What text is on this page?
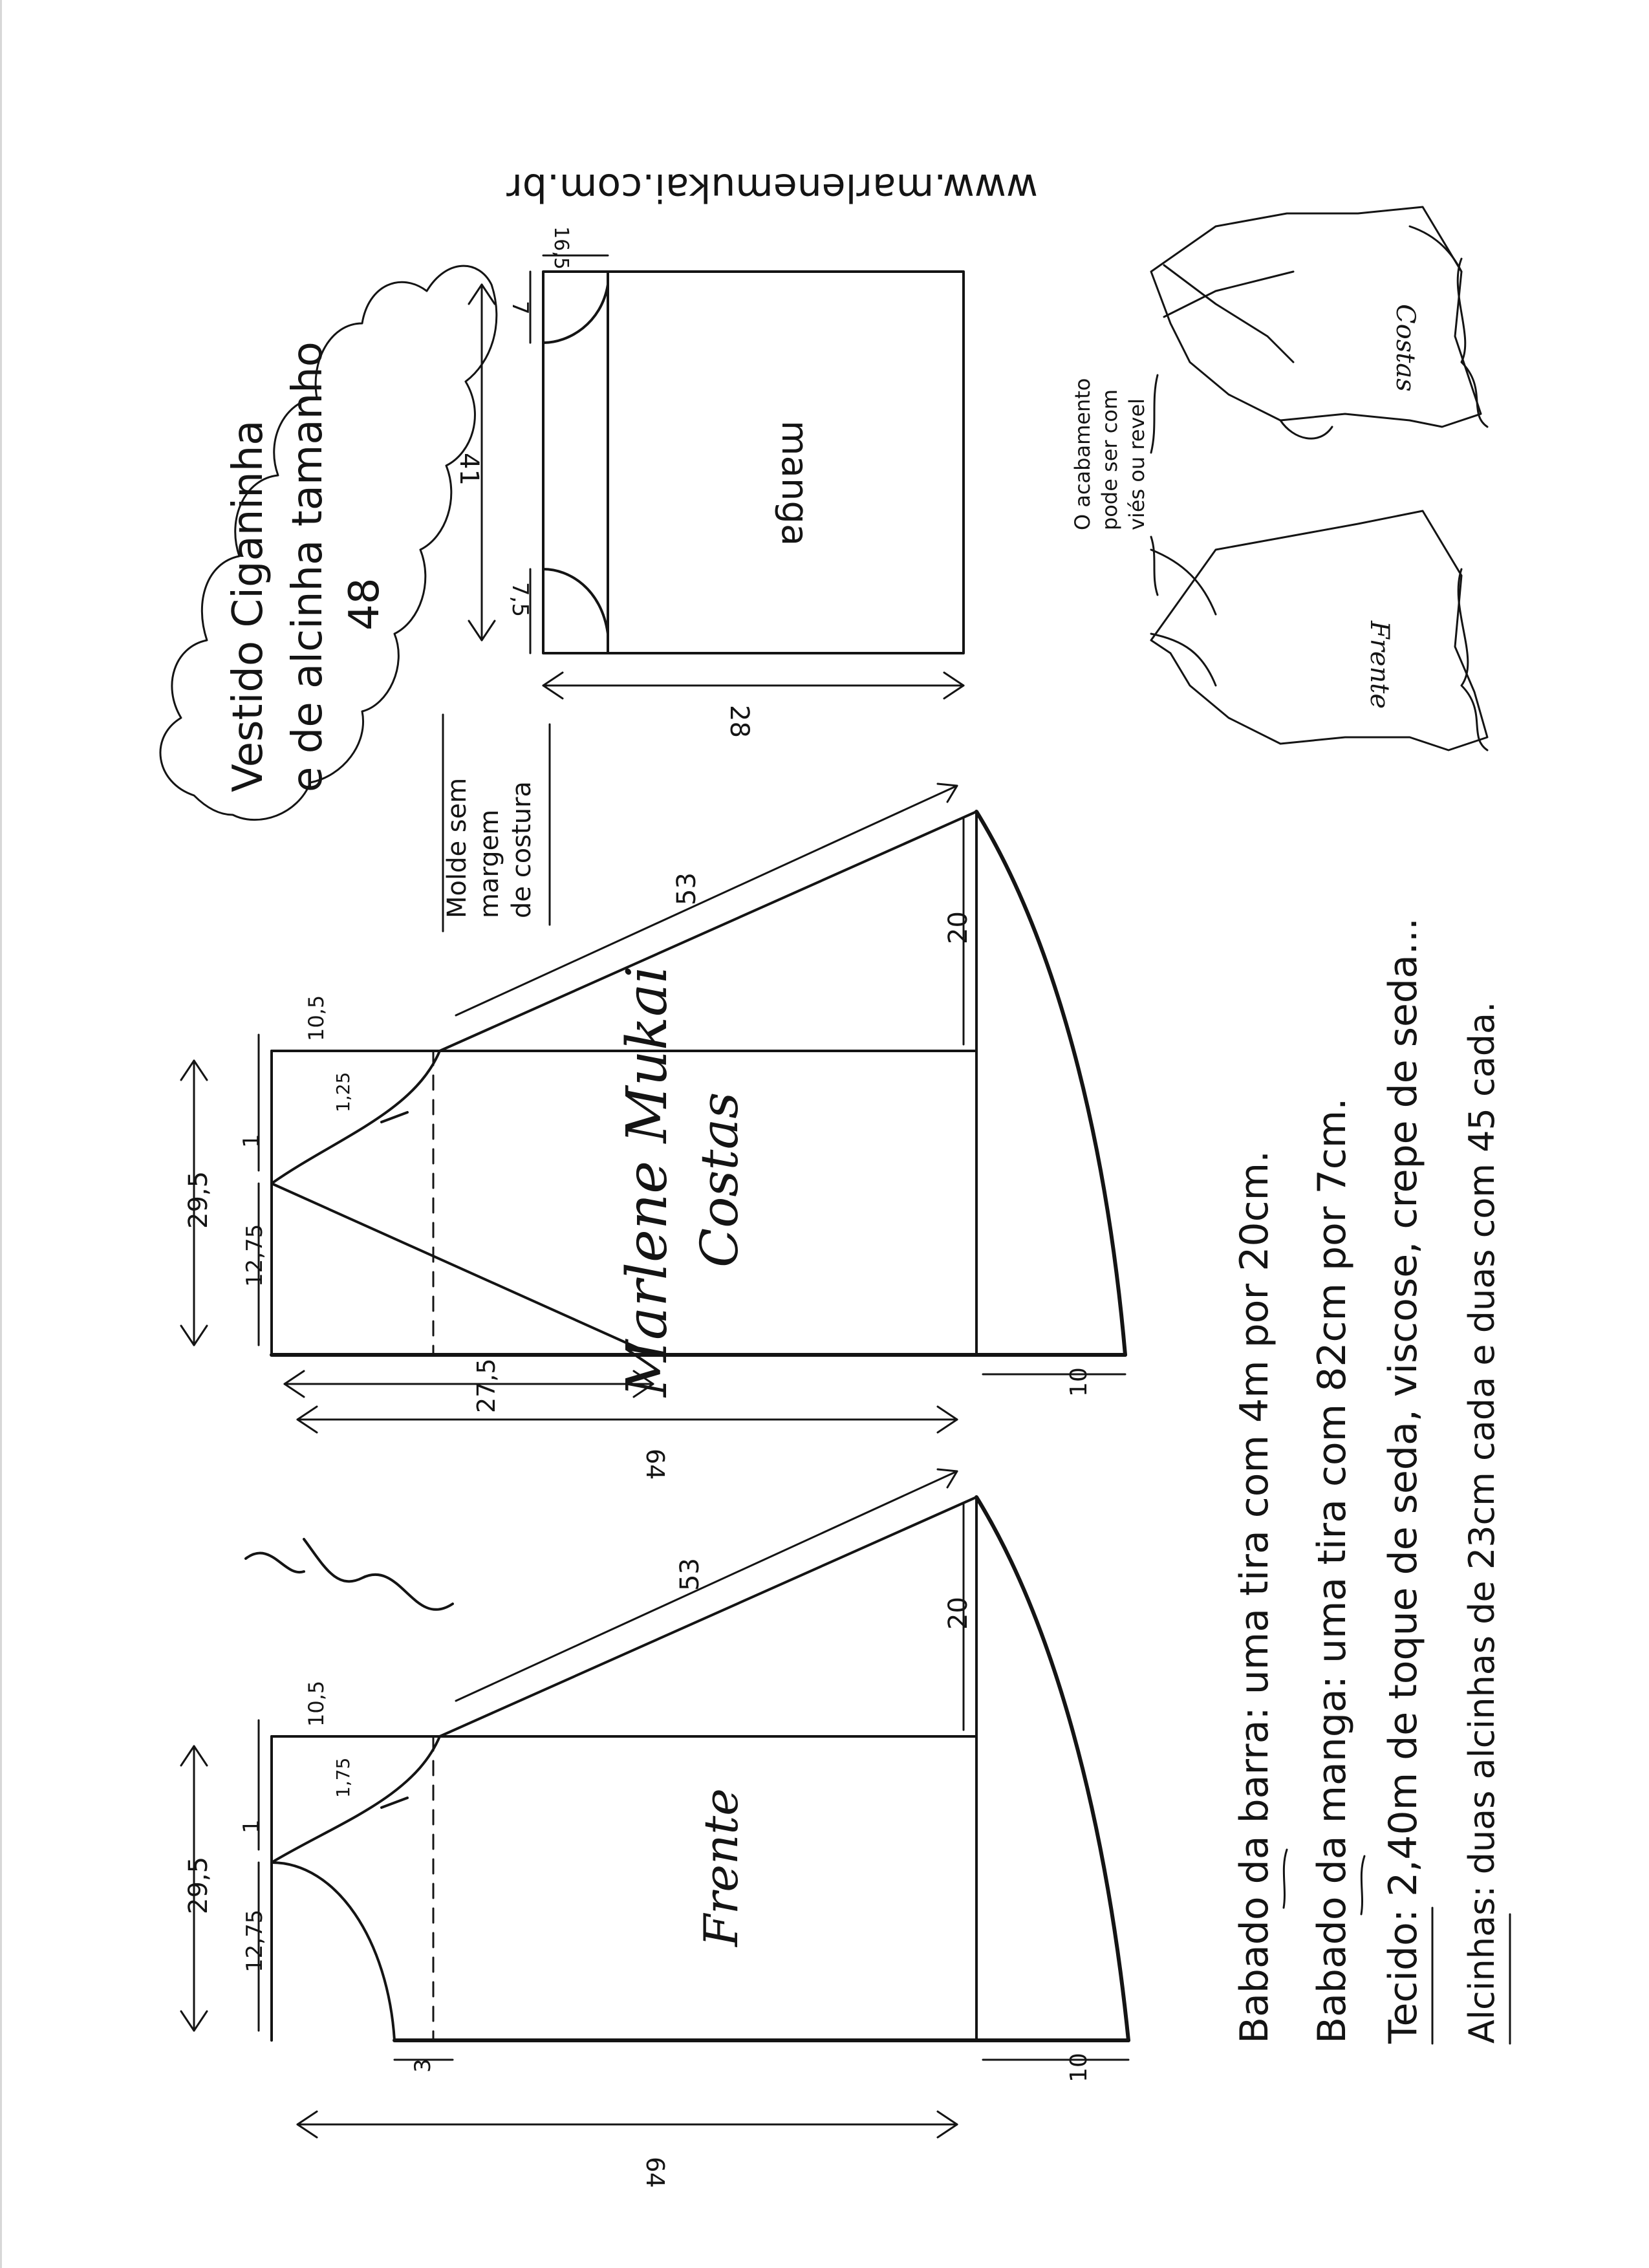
Vestido Ciganinha e de alcinha tamanho 48
www.marlenemukai.com.br
Molde sem margem de costura
manga
28
41
7
7,5
16,5
Costas
29,5
12,75
1
10,5
1,25
53
20
10
27,5
64
Frente
29,5
12,75
1
10,5
1,75
53
20
10
3
64
Marlene Mukai
Costas
Frente
O acabamento pode ser com viés ou revel
Babado da barra: uma tira com 4m por 20cm. Babado da manga: uma tira com 82cm por 7cm. Tecido: 2,40m de toque de seda, viscose, crepe de seda... Alcinhas: duas alcinhas de 23cm cada e duas com 45 cada.
